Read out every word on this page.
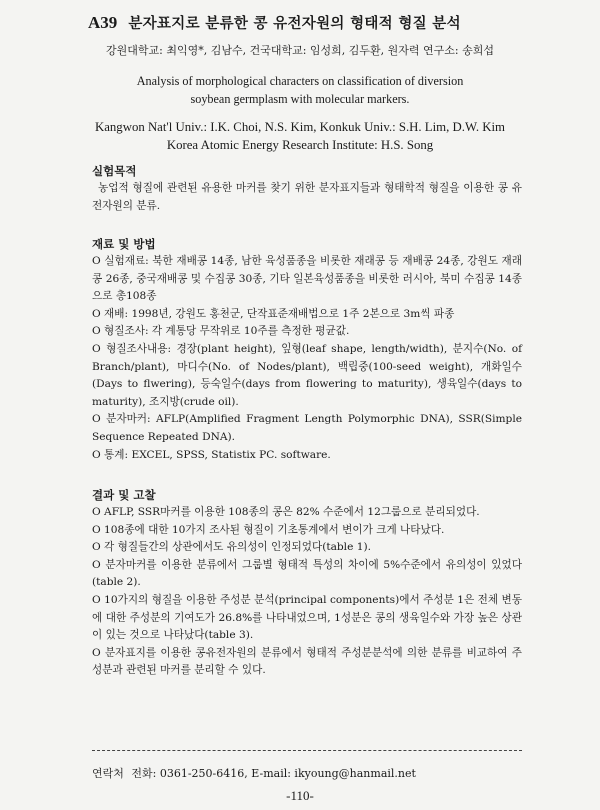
A39 분자표지로 분류한 콩 유전자원의 형태적 형질 분석
강원대학교: 최익영*, 김남수, 건국대학교: 임성희, 김두환, 원자력 연구소: 송희섭
Analysis of morphological characters on classification of diversion
soybean germplasm with molecular markers.
Kangwon Nat'l Univ.: I.K. Choi, N.S. Kim, Konkuk Univ.: S.H. Lim, D.W. Kim
Korea Atomic Energy Research Institute: H.S. Song
실험목적

농업적 형질에 관련된 유용한 마커를 찾기 위한 분자표지들과 형태학적 형질을 이용한 콩 유전자원의 분류.

재료 및 방법

O 실험재료: 북한 재배콩 14종, 남한 육성품종을 비롯한 재래콩 등 재배콩 24종, 강원도 재래콩 26종, 중국재배콩 및 수집콩 30종, 기타 일본육성품종을 비롯한 러시아, 북미 수집콩 14종으로 총108종

O 재배: 1998년, 강원도 홍천군, 단작표준재배법으로 1주 2본으로 3m씩 파종

O 형질조사: 각 계통당 무작위로 10주를 측정한 평균값.

O 형질조사내용: 경장(plant height), 잎형(leaf shape, length/width), 분지수(No. of Branch/plant), 마디수(No. of Nodes/plant), 백립중(100-seed weight), 개화일수(Days to flwering), 등숙일수(days from flowering to maturity), 생육일수(days to maturity), 조지방(crude oil).

O 분자마커: AFLP(Amplified Fragment Length Polymorphic DNA), SSR(Simple Sequence Repeated DNA).

O 통계: EXCEL, SPSS, Statistix PC. software.

결과 및 고찰

O AFLP, SSR마커를 이용한 108종의 콩은 82% 수준에서 12그룹으로 분리되었다.

O 108종에 대한 10가지 조사된 형질이 기초통계에서 변이가 크게 나타났다.

O 각 형질들간의 상관에서도 유의성이 인정되었다(table 1).

O 분자마커를 이용한 분류에서 그룹별 형태적 특성의 차이에 5%수준에서 유의성이 있었다(table 2).

O 10가지의 형질을 이용한 주성분 분석(principal components)에서 주성분 1은 전체 변동에 대한 주성분의 기여도가 26.8%를 나타내었으며, 1성분은 콩의 생육일수와 가장 높은 상관이 있는 것으로 나타났다(table 3).

O 분자표지를 이용한 콩유전자원의 분류에서 형태적 주성분분석에 의한 분류를 비교하여 주성분과 관련된 마커를 분리할 수 있다.

연락처 전화: 0361-250-6416, E-mail: ikyoung@hanmail.net
-110-
